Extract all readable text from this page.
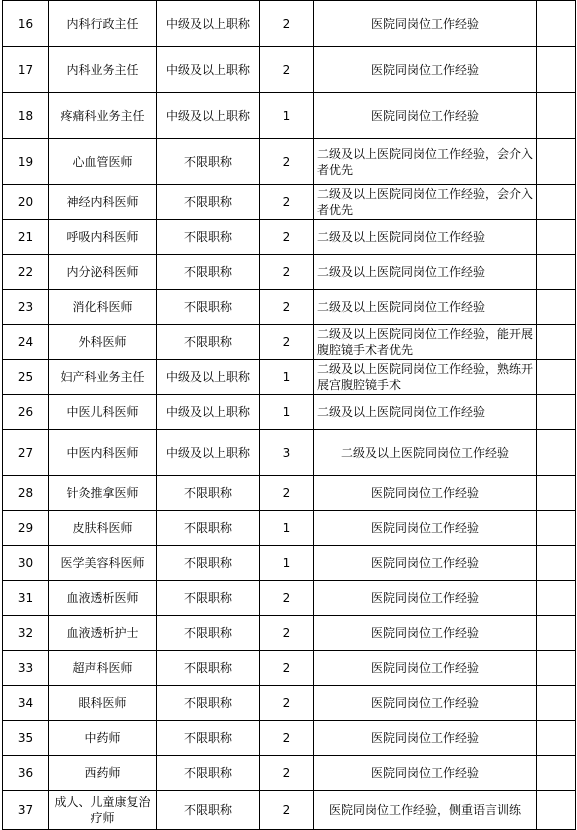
16	内科行政主任	中级及以上职称	2	医院同岗位工作经验	
17	内科业务主任	中级及以上职称	2	医院同岗位工作经验	
18	疼痛科业务主任	中级及以上职称	1	医院同岗位工作经验	
19	心血管医师	不限职称	2	二级及以上医院同岗位工作经验，会介入者优先	
20	神经内科医师	不限职称	2	二级及以上医院同岗位工作经验，会介入者优先	
21	呼吸内科医师	不限职称	2	二级及以上医院同岗位工作经验	
22	内分泌科医师	不限职称	2	二级及以上医院同岗位工作经验	
23	消化科医师	不限职称	2	二级及以上医院同岗位工作经验	
24	外科医师	不限职称	2	二级及以上医院同岗位工作经验，能开展腹腔镜手术者优先	
25	妇产科业务主任	中级及以上职称	1	二级及以上医院同岗位工作经验，熟练开展宫腹腔镜手术	
26	中医儿科医师	中级及以上职称	1	二级及以上医院同岗位工作经验	
27	中医内科医师	中级及以上职称	3	二级及以上医院同岗位工作经验	
28	针灸推拿医师	不限职称	2	医院同岗位工作经验	
29	皮肤科医师	不限职称	1	医院同岗位工作经验	
30	医学美容科医师	不限职称	1	医院同岗位工作经验	
31	血液透析医师	不限职称	2	医院同岗位工作经验	
32	血液透析护士	不限职称	2	医院同岗位工作经验	
33	超声科医师	不限职称	2	医院同岗位工作经验	
34	眼科医师	不限职称	2	医院同岗位工作经验	
35	中药师	不限职称	2	医院同岗位工作经验	
36	西药师	不限职称	2	医院同岗位工作经验	
37	成人、儿童康复治疗师	不限职称	2	医院同岗位工作经验，侧重语言训练	
